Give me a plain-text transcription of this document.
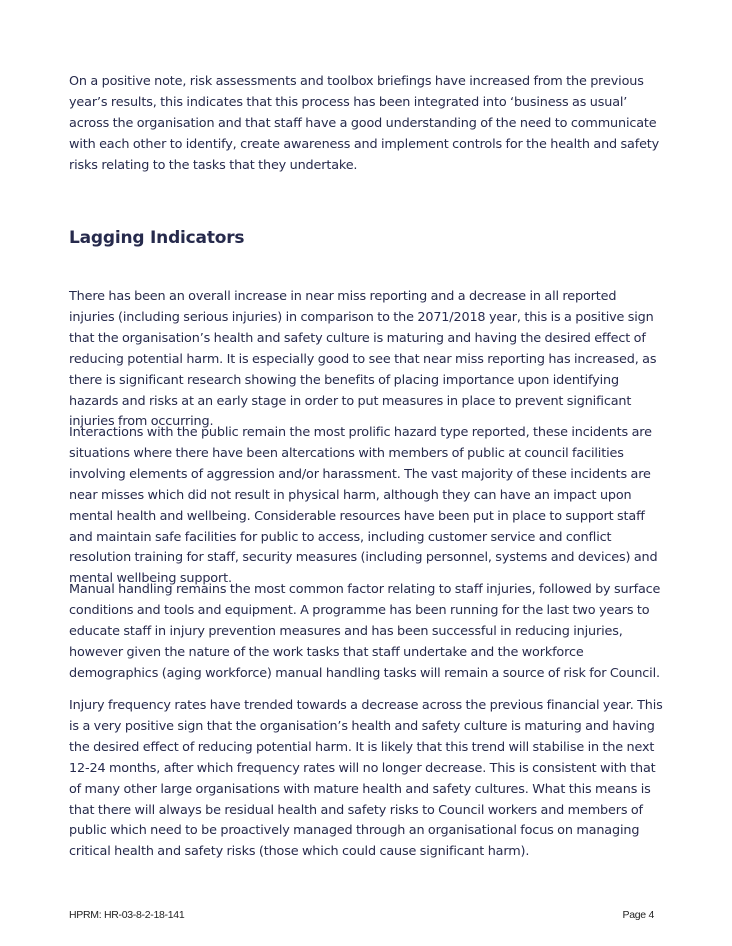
On a positive note, risk assessments and toolbox briefings have increased from the previous year’s results, this indicates that this process has been integrated into ‘business as usual’ across the organisation and that staff have a good understanding of the need to communicate with each other to identify, create awareness and implement controls for the health and safety risks relating to the tasks that they undertake.

Lagging Indicators

There has been an overall increase in near miss reporting and a decrease in all reported injuries (including serious injuries) in comparison to the 2071/2018 year, this is a positive sign that the organisation’s health and safety culture is maturing and having the desired effect of reducing potential harm. It is especially good to see that near miss reporting has increased, as there is significant research showing the benefits of placing importance upon identifying hazards and risks at an early stage in order to put measures in place to prevent significant injuries from occurring.

Interactions with the public remain the most prolific hazard type reported, these incidents are situations where there have been altercations with members of public at council facilities involving elements of aggression and/or harassment. The vast majority of these incidents are near misses which did not result in physical harm, although they can have an impact upon mental health and wellbeing. Considerable resources have been put in place to support staff and maintain safe facilities for public to access, including customer service and conflict resolution training for staff, security measures (including personnel, systems and devices) and mental wellbeing support.

Manual handling remains the most common factor relating to staff injuries, followed by surface conditions and tools and equipment. A programme has been running for the last two years to educate staff in injury prevention measures and has been successful in reducing injuries, however given the nature of the work tasks that staff undertake and the workforce demographics (aging workforce) manual handling tasks will remain a source of risk for Council.

Injury frequency rates have trended towards a decrease across the previous financial year. This is a very positive sign that the organisation’s health and safety culture is maturing and having the desired effect of reducing potential harm. It is likely that this trend will stabilise in the next 12-24 months, after which frequency rates will no longer decrease. This is consistent with that of many other large organisations with mature health and safety cultures. What this means is that there will always be residual health and safety risks to Council workers and members of public which need to be proactively managed through an organisational focus on managing critical health and safety risks (those which could cause significant harm).

HPRM: HR-03-8-2-18-141	Page 4
